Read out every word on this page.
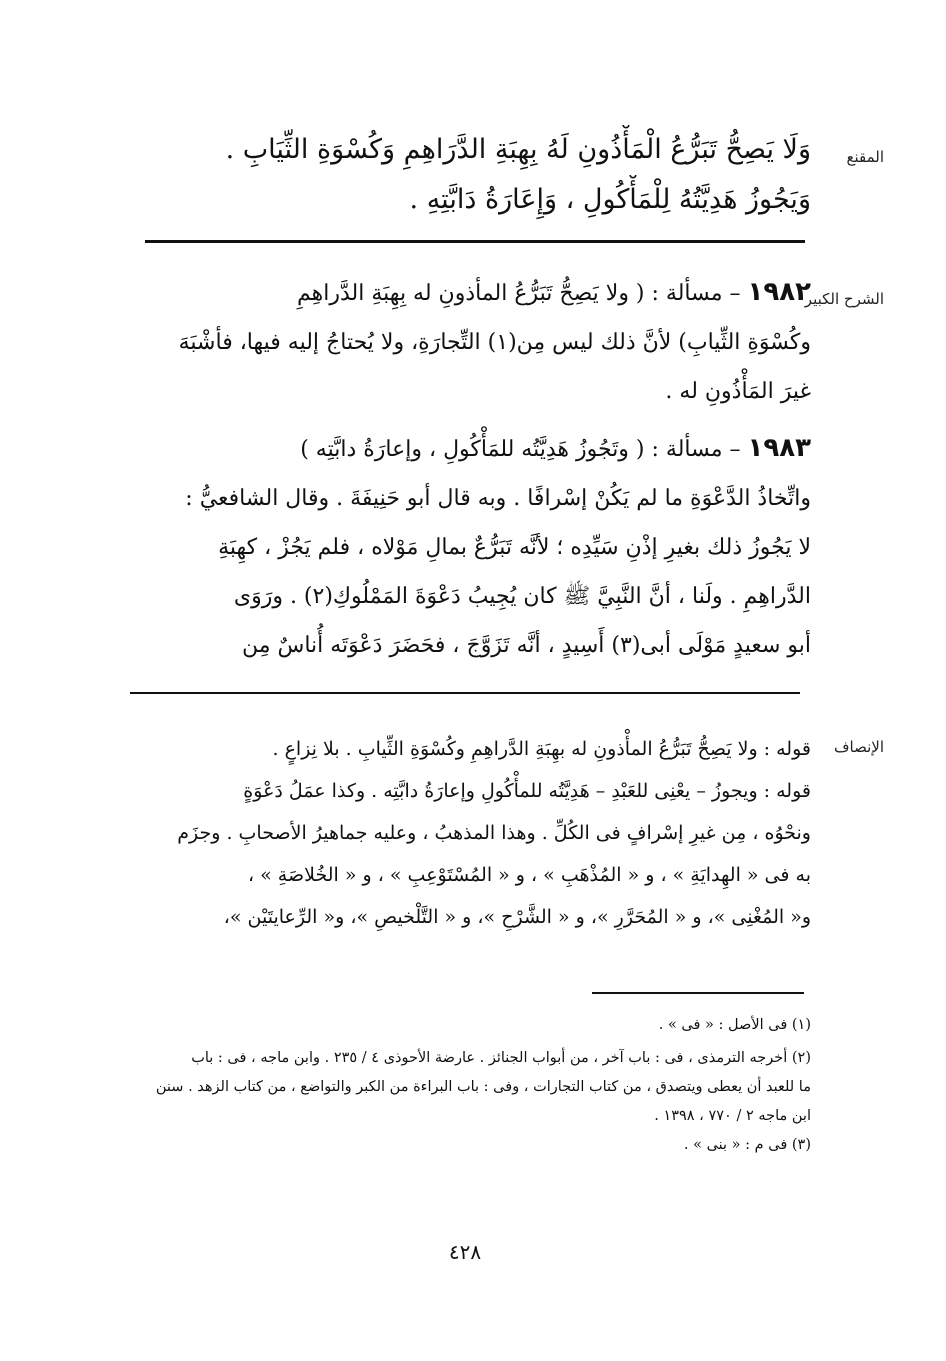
المقنع
وَلَا يَصِحُّ تَبَرُّعُ الْمَأْذُونِ لَهُ بِهِبَةِ الدَّرَاهِمِ وَكُسْوَةِ الثِّيَابِ .
وَيَجُوزُ هَدِيَّتُهُ لِلْمَأْكُولِ ، وَإِعَارَةُ دَابَّتِهِ .
الشرح الكبير
١٩٨٢ – مسألة : ( ولا يَصِحُّ تَبَرُّعُ المأذونِ له بِهِبَةِ الدَّراهِمِ
وكُسْوَةِ الثِّيابِ) لأنَّ ذلك ليس مِن(١) التِّجارَةِ، ولا يُحتاجُ إليه فيها، فأشْبَهَ
غيرَ المَأْذُونِ له .
١٩٨٣ – مسألة : ( وتَجُوزُ هَدِيَّتُه للمَأْكُولِ ، وإعارَةُ دابَّتِه )
واتِّخاذُ الدَّعْوَةِ ما لم يَكُنْ إسْرافًا . وبه قال أبو حَنِيفَةَ . وقال الشافعيُّ :
لا يَجُوزُ ذلك بغيرِ إذْنِ سَيِّدِه ؛ لأنَّه تَبَرُّعٌ بمالِ مَوْلاه ، فلم يَجُزْ ، كهِبَةِ
الدَّراهِمِ . ولَنا ، أنَّ النَّبِيَّ ﷺ كان يُجِيبُ دَعْوَةَ المَمْلُوكِ(٢) . ورَوَى
أبو سعيدٍ مَوْلَى أبى(٣) أَسِيدٍ ، أنَّه تَزَوَّجَ ، فحَضَرَ دَعْوَتَه أُناسٌ مِن
الإنصاف
قوله : ولا يَصِحُّ تَبَرُّعُ المأْذونِ له بهِبَةِ الدَّراهِمِ وكُسْوَةِ الثِّيابِ . بلا نِزاعٍ .
قوله : ويجوزُ – يعْنِى للعَبْدِ – هَدِيَّتُه للمأْكُولِ وإعارَةُ دابَّتِه . وكذا عمَلُ دَعْوَةٍ
ونحْوُه ، مِن غيرِ إسْرافٍ فى الكُلِّ . وهذا المذهبُ ، وعليه جماهيرُ الأصحابِ . وجزَم
به فى « الهِدايَةِ » ، و « المُذْهَبِ » ، و « المُسْتَوْعِبِ » ، و « الخُلاصَةِ » ،
و« المُغْنِى »، و « المُحَرَّرِ »، و « الشَّرْحِ »، و « التَّلْخيصِ »، و« الرِّعايتَيْن »،
(١) فى الأصل : « فى » .
(٢) أخرجه الترمذى ، فى : باب آخر ، من أبواب الجنائز . عارضة الأحوذى ٤ / ٢٣٥ . وابن ماجه ، فى : باب
ما للعبد أن يعطى ويتصدق ، من كتاب التجارات ، وفى : باب البراءة من الكبر والتواضع ، من كتاب الزهد . سنن
ابن ماجه ٢ / ٧٧٠ ، ١٣٩٨ .
(٣) فى م : « بنى » .
٤٢٨
